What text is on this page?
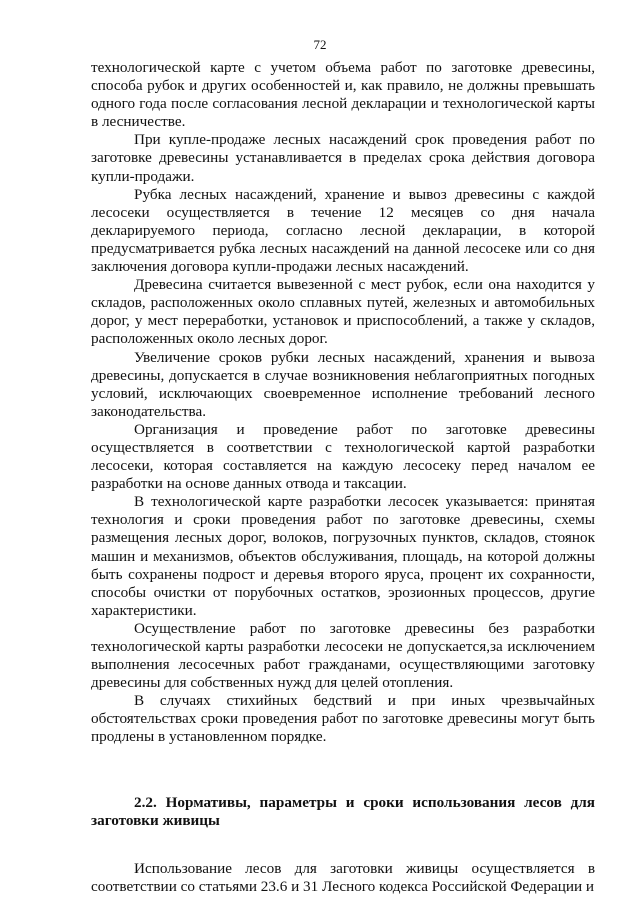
72

технологической карте с учетом объема работ по заготовке древесины, способа рубок и других особенностей и, как правило, не должны превышать одного года после согласования лесной декларации и технологической карты в лесничестве.

При купле-продаже лесных насаждений срок проведения работ по заготовке древесины устанавливается в пределах срока действия договора купли-продажи.

Рубка лесных насаждений, хранение и вывоз древесины с каждой лесосеки осуществляется в течение 12 месяцев со дня начала декларируемого периода, согласно лесной декларации, в которой предусматривается рубка лесных насаждений на данной лесосеке или со дня заключения договора купли-продажи лесных насаждений.

Древесина считается вывезенной с мест рубок, если она находится у складов, расположенных около сплавных путей, железных и автомобильных дорог, у мест переработки, установок и приспособлений, а также у складов, расположенных около лесных дорог.

Увеличение сроков рубки лесных насаждений, хранения и вывоза древесины, допускается в случае возникновения неблагоприятных погодных условий, исключающих своевременное исполнение требований лесного законодательства.

Организация и проведение работ по заготовке древесины осуществляется в соответствии с технологической картой разработки лесосеки, которая составляется на каждую лесосеку перед началом ее разработки на основе данных отвода и таксации.

В технологической карте разработки лесосек указывается: принятая технология и сроки проведения работ по заготовке древесины, схемы размещения лесных дорог, волоков, погрузочных пунктов, складов, стоянок машин и механизмов, объектов обслуживания, площадь, на которой должны быть сохранены подрост и деревья второго яруса, процент их сохранности, способы очистки от порубочных остатков, эрозионных процессов, другие характеристики.

Осуществление работ по заготовке древесины без разработки технологической карты разработки лесосеки не допускается,за исключением выполнения лесосечных работ гражданами, осуществляющими заготовку древесины для собственных нужд для целей отопления.

В случаях стихийных бедствий и при иных чрезвычайных обстоятельствах сроки проведения работ по заготовке древесины могут быть продлены в установленном порядке.

2.2. Нормативы, параметры и сроки использования лесов для заготовки живицы

Использование лесов для заготовки живицы осуществляется в соответствии со статьями 23.6 и 31 Лесного кодекса Российской Федерации и
